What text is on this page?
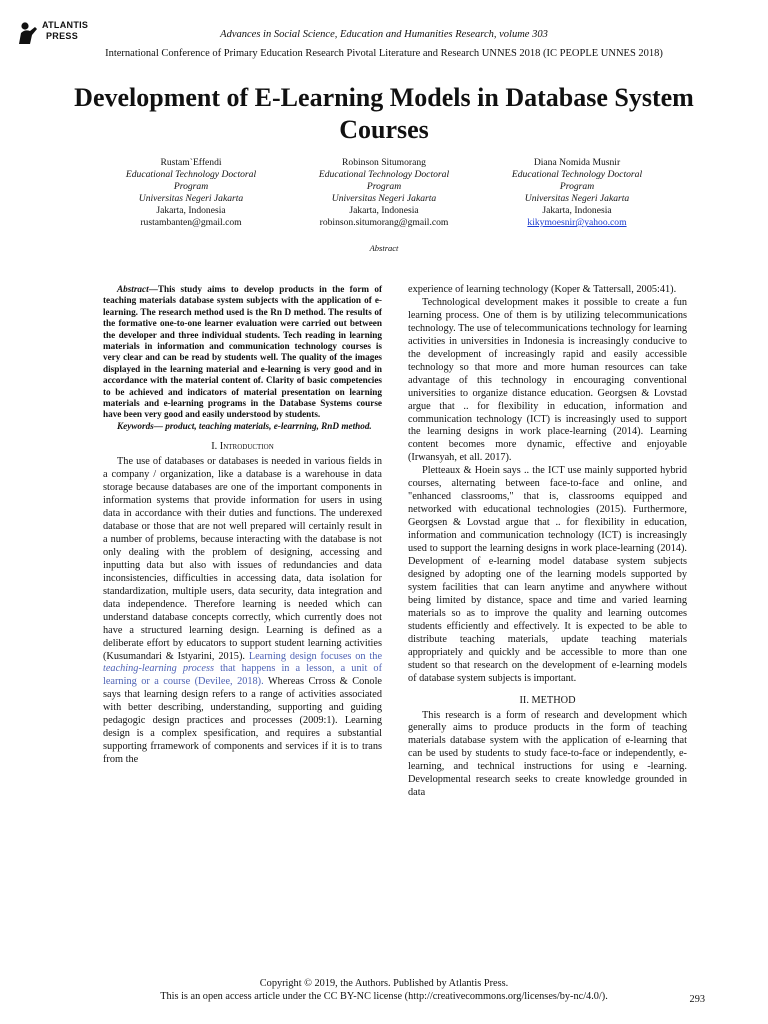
ATLANTIS
PRESS	Advances in Social Science, Education and Humanities Research, volume 303
International Conference of Primary Education Research Pivotal Literature and Research UNNES 2018 (IC PEOPLE UNNES 2018)
Development of E-Learning Models in Database System Courses
Rustam`Effendi
Educational Technology Doctoral
Program
Universitas Negeri Jakarta
Jakarta, Indonesia
rustambanten@gmail.com
Robinson Situmorang
Educational Technology Doctoral
Program
Universitas Negeri Jakarta
Jakarta, Indonesia
robinson.situmorang@gmail.com
Diana Nomida Musnir
Educational Technology Doctoral
Program
Universitas Negeri Jakarta
Jakarta, Indonesia
kikymoesnir@yahoo.com
Abstract

Abstract—This study aims to develop products in the form of teaching materials database system subjects with the application of e-learning. The research method used is the Rn D method. The results of the formative one-to-one learner evaluation were carried out between the developer and three individual students. Tech reading in learning materials in information and communication technology courses is very clear and can be read by students well. The quality of the images displayed in the learning material and e-learning is very good and in accordance with the material content of. Clarity of basic competencies to be achieved and indicators of material presentation on learning materials and e-learning programs in the Database Systems course have been very good and easily understood by students.

Keywords— product, teaching materials, e-learrning, RnD method.

I. Introduction

The use of databases or databases is needed in various fields in a company / organization, like a database is a warehouse in data storage because databases are one of the important components in information systems that provide information for users in using data in accordance with their duties and functions. The underexed database or those that are not well prepared will certainly result in a number of problems, because interacting with the database is not only dealing with the problem of designing, accessing and inputting data but also with issues of redundancies and data inconsistencies, difficulties in accessing data, data isolation for standardization, multiple users, data security, data integration and data independence. Therefore learning is needed which can understand database concepts correctly, which currently does not have a structured learning design. Learning is defined as a deliberate effort by educators to support student learning activities (Kusumandari & Istyarini, 2015). Learning design focuses on the teaching-learning process that happens in a lesson, a unit of learning or a course (Devilee, 2018). Whereas Crross & Conole says that learning design refers to a range of activities associated with better describing, understanding, supporting and guiding pedagogic design practices and processes (2009:1). Learning design is a complex spesification, and requires a substantial supporting frramework of components and services if it is to trans from the

experience of learning technology (Koper & Tattersall, 2005:41).

Technological development makes it possible to create a fun learning process. One of them is by utilizing telecommunications technology. The use of telecommunications technology for learning activities in universities in Indonesia is increasingly conducive to the development of increasingly rapid and easily accessible technology so that more and more human resources can take advantage of this technology in encouraging conventional universities to organize distance education. Georgsen & Lovstad argue that .. for flexibility in education, information and communication technology (ICT) is increasingly used to support the learning designs in work place-learning (2014). Learning content becomes more dynamic, effective and enjoyable (Irwansyah, et all. 2017).

Pletteaux & Hoein says .. the ICT use mainly supported hybrid courses, alternating between face-to-face and online, and "enhanced classrooms," that is, classrooms equipped and networked with educational technologies (2015). Furthermore, Georgsen & Lovstad argue that .. for flexibility in education, information and communication technology (ICT) is increasingly used to support the learning designs in work place-learning (2014). Development of e-learning model database system subjects designed by adopting one of the learning models supported by system facilities that can learn anytime and anywhere without being limited by distance, space and time and varied learning materials so as to improve the quality and learning outcomes students efficiently and effectively. It is expected to be able to distribute teaching materials, update teaching materials appropriately and quickly and be accessible to more than one student so that research on the development of e-learning models of database system subjects is important.

II. METHOD

This research is a form of research and development which generally aims to produce products in the form of teaching materials database system with the application of e-learning that can be used by students to study face-to-face or independently, e-learning, and technical instructions for using e -learning. Developmental research seeks to create knowledge grounded in data

Copyright © 2019, the Authors. Published by Atlantis Press.
This is an open access article under the CC BY-NC license (http://creativecommons.org/licenses/by-nc/4.0/).	293
